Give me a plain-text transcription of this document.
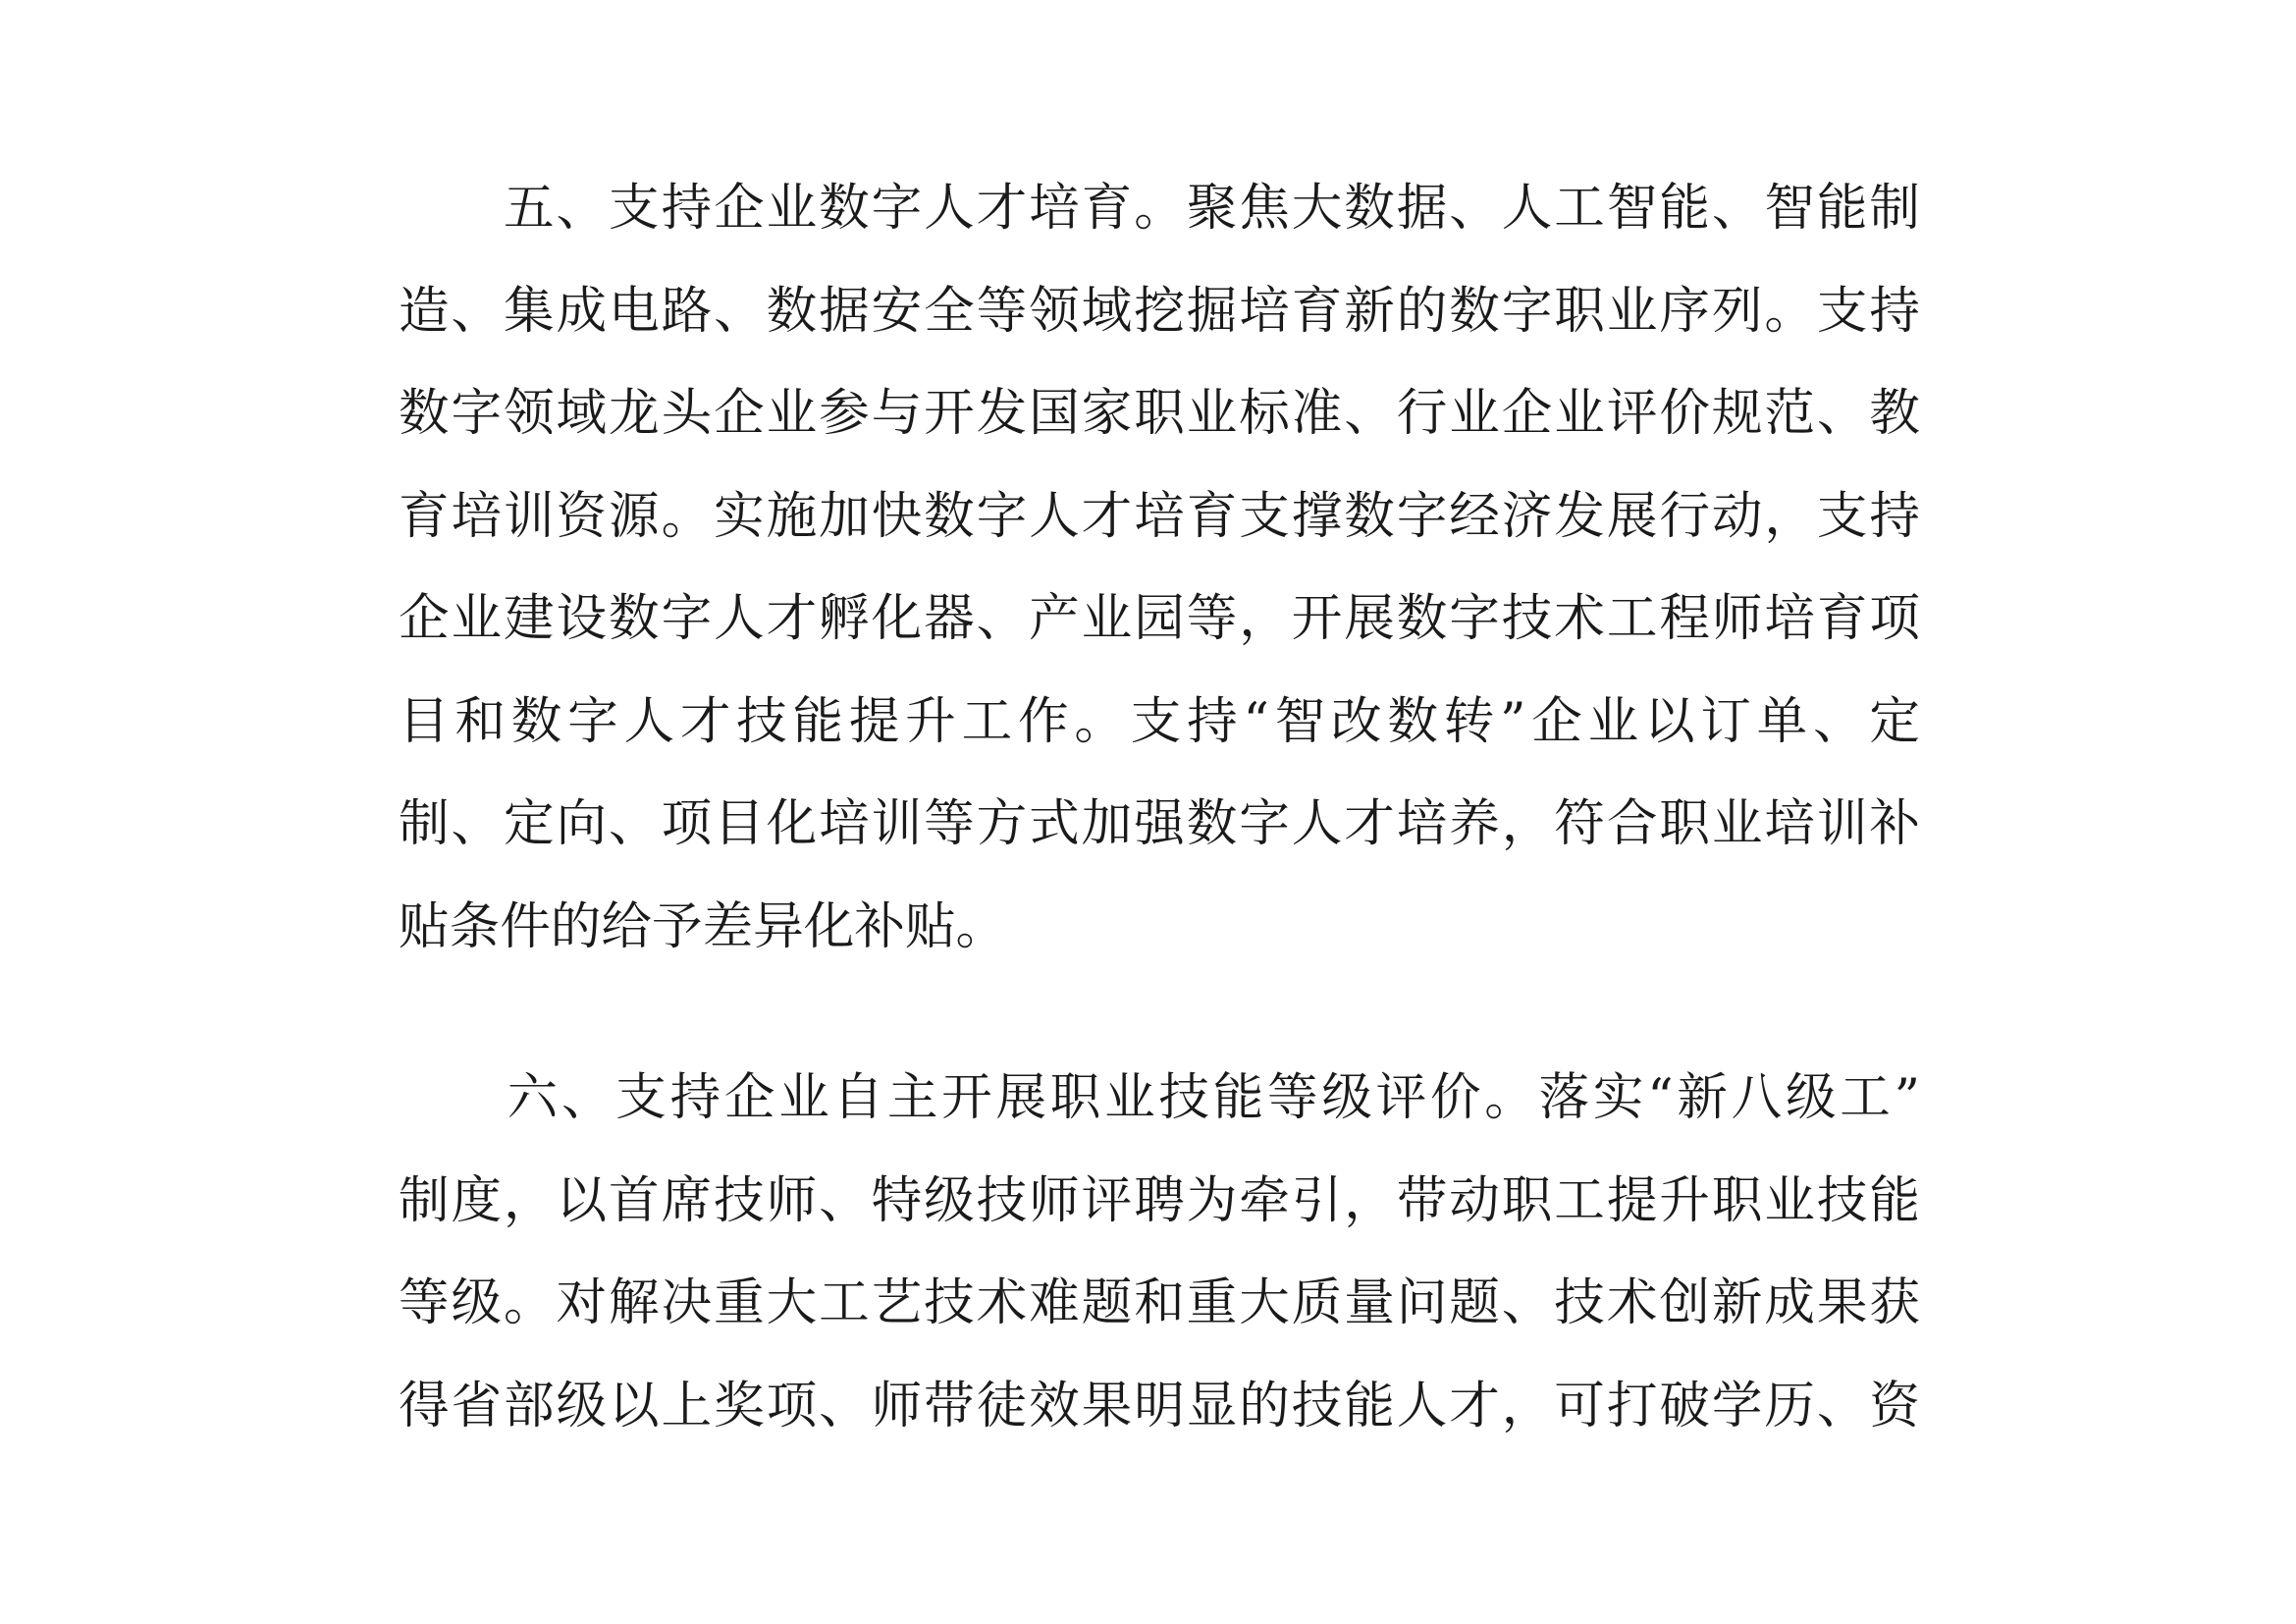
　　五、支持企业数字人才培育。聚焦大数据、人工智能、智能制
造、集成电路、数据安全等领域挖掘培育新的数字职业序列。支持
数字领域龙头企业参与开发国家职业标准、行业企业评价规范、教
育培训资源。实施加快数字人才培育支撑数字经济发展行动，支持
企业建设数字人才孵化器、产业园等，开展数字技术工程师培育项
目和数字人才技能提升工作。支持“智改数转”企业以订单、定
制、定向、项目化培训等方式加强数字人才培养，符合职业培训补
贴条件的给予差异化补贴。
　　六、支持企业自主开展职业技能等级评价。落实“新八级工”
制度，以首席技师、特级技师评聘为牵引，带动职工提升职业技能
等级。对解决重大工艺技术难题和重大质量问题、技术创新成果获
得省部级以上奖项、师带徒效果明显的技能人才，可打破学历、资
